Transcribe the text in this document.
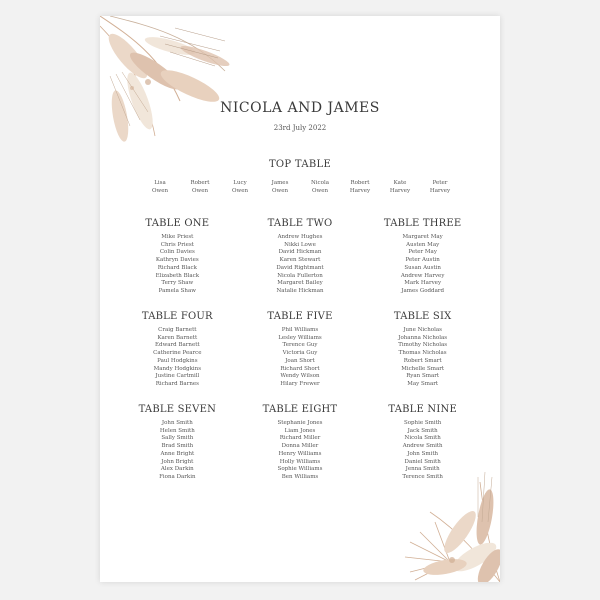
NICOLA AND JAMES
23rd July 2022
TOP TABLE
Lisa
Owen
Robert
Owen
Lucy
Owen
James
Owen
Nicola
Owen
Robert
Harvey
Kate
Harvey
Peter
Harvey
TABLE ONE
Mike Priest
Chris Priest
Colin Davies
Kathryn Davies
Richard Black
Elizabeth Black
Terry Shaw
Pamela Shaw
TABLE TWO
Andrew Hughes
Nikki Lowe
David Hickman
Karen Stewart
David Rightmant
Nicola Fullerton
Margaret Bailey
Natalie Hickman
TABLE THREE
Margaret May
Austen May
Peter May
Peter Austin
Susan Austin
Andrew Harvey
Mark Harvey
James Goddard
TABLE FOUR
Craig Barnett
Karen Barnett
Edward Barnett
Catherine Pearce
Paul Hodgkins
Mandy Hodgkins
Justine Cartmill
Richard Barnes
TABLE FIVE
Phil Williams
Lesley Williams
Terence Guy
Victoria Guy
Joan Short
Richard Short
Wendy Wilson
Hilary Frewer
TABLE SIX
June Nicholas
Johanna Nicholas
Timothy Nicholas
Thomas Nicholas
Robert Smart
Michelle Smart
Ryan Smart
May Smart
TABLE SEVEN
John Smith
Helen Smith
Sally Smith
Brad Smith
Anne Bright
John Bright
Alex Darkin
Fiona Darkin
TABLE EIGHT
Stephanie Jones
Liam Jones
Richard Miller
Donna Miller
Henry Williams
Holly Williams
Sophie Williams
Ben Williams
TABLE NINE
Sophie Smith
Jack Smith
Nicola Smith
Andrew Smith
John Smith
Daniel Smith
Jenna Smith
Terence Smith
